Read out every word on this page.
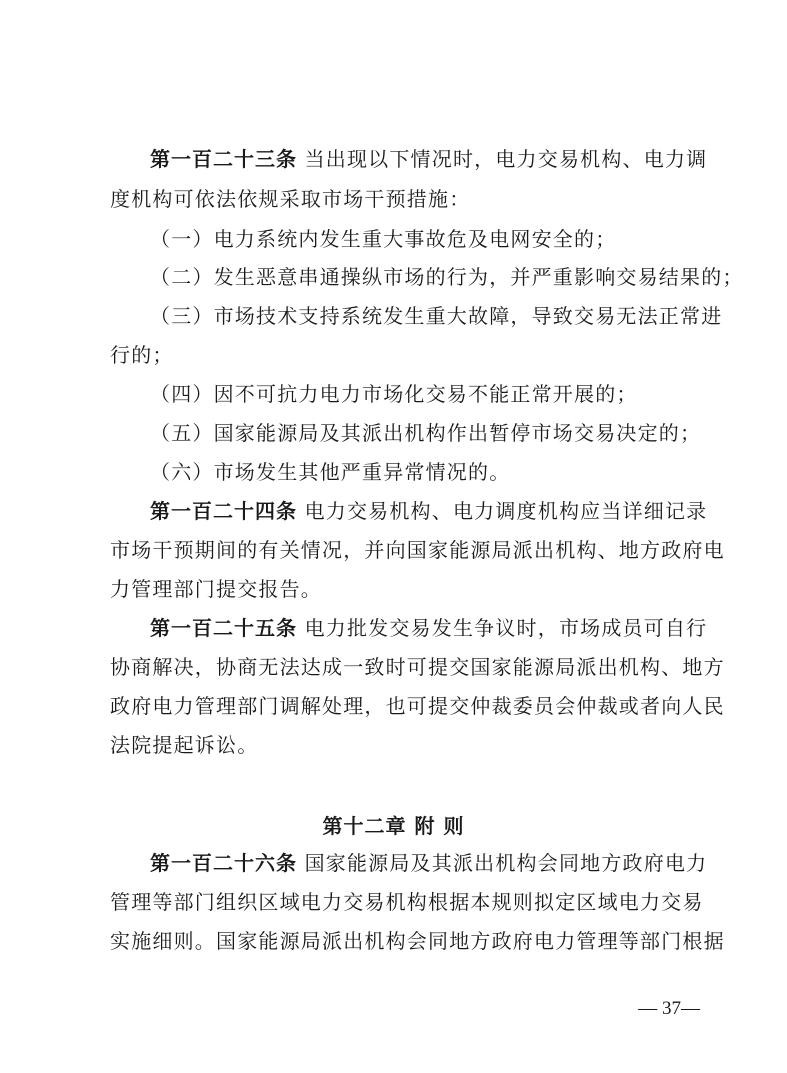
第一百二十三条 当出现以下情况时，电力交易机构、电力调
度机构可依法依规采取市场干预措施：
（一）电力系统内发生重大事故危及电网安全的；
（二）发生恶意串通操纵市场的行为，并严重影响交易结果的；
（三）市场技术支持系统发生重大故障，导致交易无法正常进
行的；
（四）因不可抗力电力市场化交易不能正常开展的；
（五）国家能源局及其派出机构作出暂停市场交易决定的；
（六）市场发生其他严重异常情况的。
第一百二十四条 电力交易机构、电力调度机构应当详细记录
市场干预期间的有关情况，并向国家能源局派出机构、地方政府电
力管理部门提交报告。
第一百二十五条 电力批发交易发生争议时，市场成员可自行
协商解决，协商无法达成一致时可提交国家能源局派出机构、地方
政府电力管理部门调解处理，也可提交仲裁委员会仲裁或者向人民
法院提起诉讼。
第十二章 附 则
第一百二十六条 国家能源局及其派出机构会同地方政府电力
管理等部门组织区域电力交易机构根据本规则拟定区域电力交易
实施细则。国家能源局派出机构会同地方政府电力管理等部门根据
— 37—
